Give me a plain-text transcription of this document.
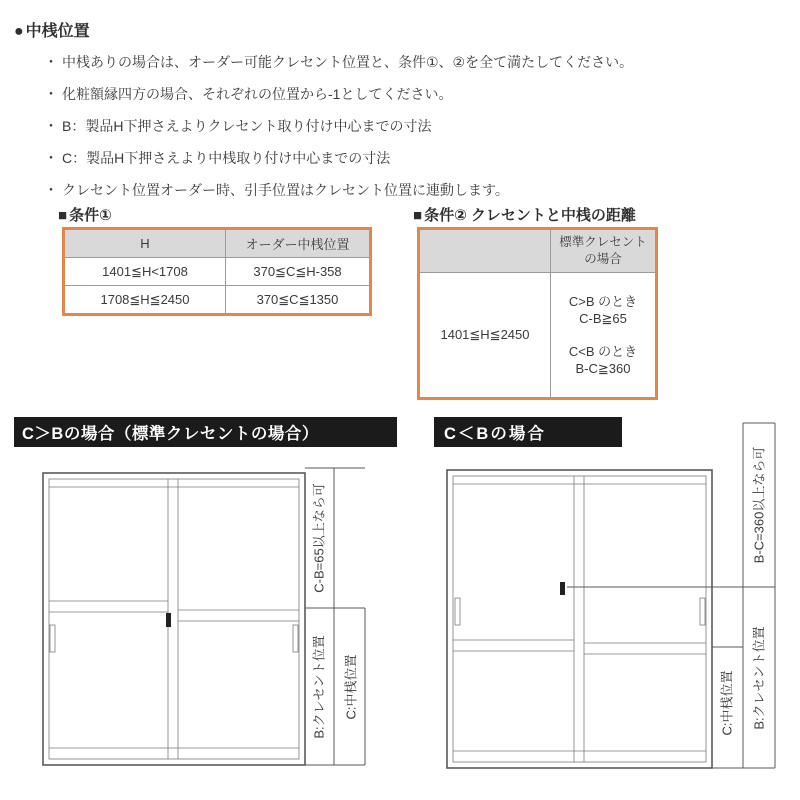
● 中桟位置
・ 中桟ありの場合は、オーダー可能クレセント位置と、条件①、②を全て満たしてください。
・ 化粧額縁四方の場合、それぞれの位置から-1としてください。
・ B：製品H下押さえよりクレセント取り付け中心までの寸法
・ C：製品H下押さえより中桟取り付け中心までの寸法
・ クレセント位置オーダー時、引手位置はクレセント位置に連動します。
■ 条件①
H	オーダー中桟位置
1401≦H<1708	370≦C≦H-358
1708≦H≦2450	370≦C≦1350
■ 条件② クレセントと中桟の距離

	標準クレセント
の場合

1401≦H≦2450	C>B のとき
C-B≧65
C<B のとき
B-C≧360
C＞Bの場合（標準クレセントの場合）	C＜Bの場合
C-B=65以上なら可
B:クレセント位置 C:中桟位置
B-C=360以上なら可
C:中桟位置 B:クレセント位置
